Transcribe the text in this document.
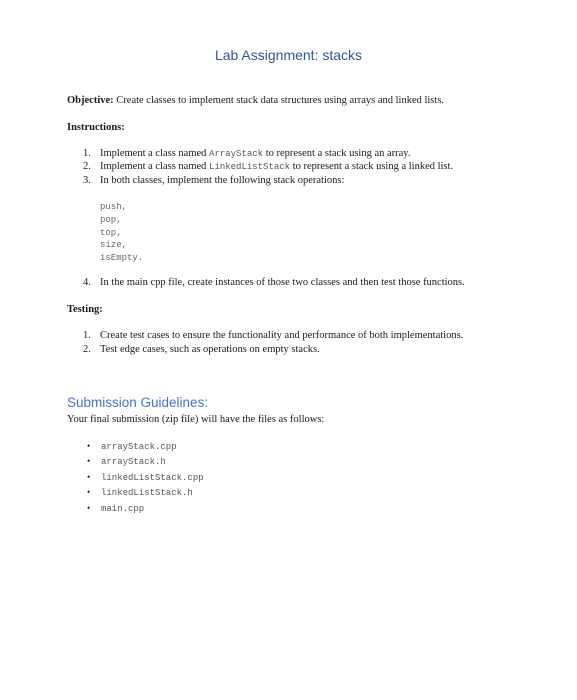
Lab Assignment: stacks
Objective: Create classes to implement stack data structures using arrays and linked lists.
Instructions:
1. Implement a class named ArrayStack to represent a stack using an array.
2. Implement a class named LinkedListStack to represent a stack using a linked list.
3. In both classes, implement the following stack operations:
push,
pop,
top,
size,
isEmpty.
4. In the main cpp file, create instances of those two classes and then test those functions.
Testing:
1. Create test cases to ensure the functionality and performance of both implementations.
2. Test edge cases, such as operations on empty stacks.
Submission Guidelines:
Your final submission (zip file) will have the files as follows:
• arrayStack.cpp
• arrayStack.h
• linkedListStack.cpp
• linkedListStack.h
• main.cpp
